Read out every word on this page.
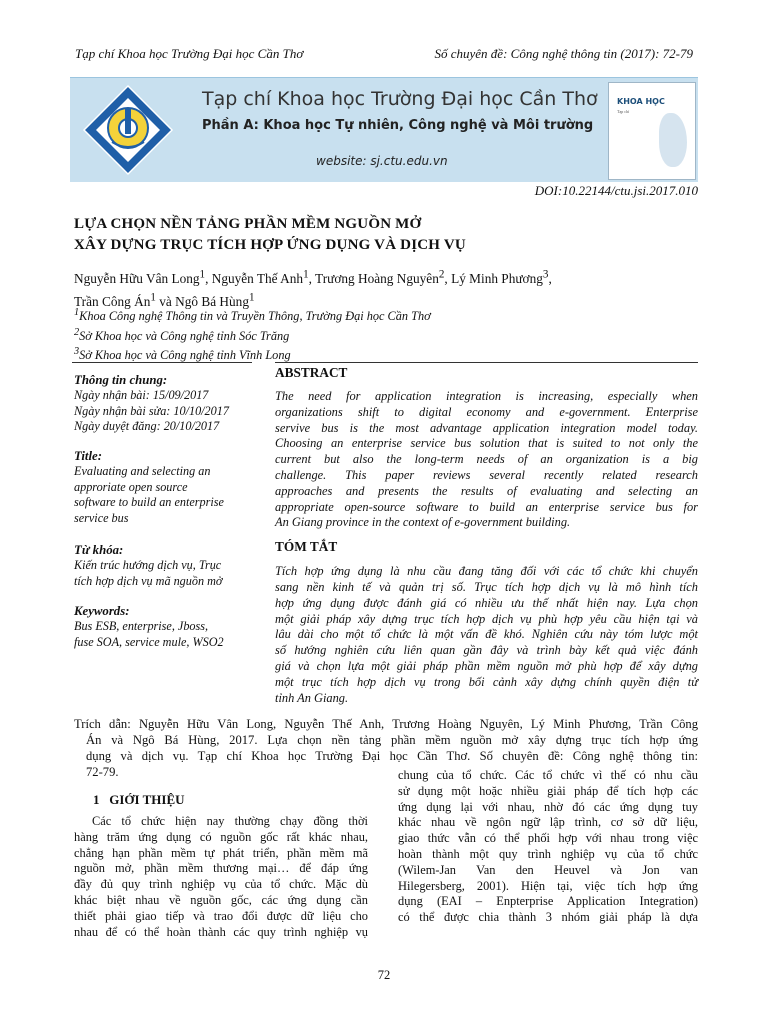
Tạp chí Khoa học Trường Đại học Cần Thơ	Số chuyên đề: Công nghệ thông tin (2017): 72-79
Tạp chí Khoa học Trường Đại học Cần Thơ
Phần A: Khoa học Tự nhiên, Công nghệ và Môi trường
website: sj.ctu.edu.vn
KHOA HỌC
Tạp chí
DOI:10.22144/ctu.jsi.2017.010
LỰA CHỌN NỀN TẢNG PHẦN MỀM NGUỒN MỞ
XÂY DỰNG TRỤC TÍCH HỢP ỨNG DỤNG VÀ DỊCH VỤ
Nguyễn Hữu Vân Long$^1$, Nguyễn Thế Anh$^1$, Trương Hoàng Nguyên$^2$, Lý Minh Phương$^3$,
Trần Công $Án^1$ và Ngô Bá Hùng$^1$
$^1$Khoa Công nghệ Thông tin và Truyền Thông, Trường Đại học Cần Thơ
$^2$Sở Khoa học và Công nghệ tỉnh Sóc Trăng
$^3$Sở Khoa học và Công nghệ tỉnh Vĩnh Long
Thông tin chung:
Ngày nhận bài: 15/09/2017
Ngày nhận bài sửa: 10/10/2017
Ngày duyệt đăng: 20/10/2017
Title:
Evaluating and selecting an
approriate open source
software to build an enterprise
service bus
Từ khóa:
Kiến trúc hướng dịch vụ, Trục
tích hợp dịch vụ mã nguồn mở
Keywords:
Bus ESB, enterprise, Jboss,
fuse SOA, service mule, WSO2
ABSTRACT
The need for application integration is increasing, especially when
organizations shift to digital economy and e-government. Enterprise
servive bus is the most advantage application integration model today.
Choosing an enterprise service bus solution that is suited to not only the
current but also the long-term needs of an organization is a big
challenge. This paper reviews several recently related research
approaches and presents the results of evaluating and selecting an
appropriate open-source software to build an enterprise service bus for
An Giang province in the context of e-government building.
TÓM TẮT
Tích hợp ứng dụng là nhu cầu đang tăng đối với các tổ chức khi chuyển
sang nền kinh tế và quản trị số. Trục tích hợp dịch vụ là mô hình tích
hợp ứng dụng được đánh giá có nhiều ưu thế nhất hiện nay. Lựa chọn
một giải pháp xây dựng trục tích hợp dịch vụ phù hợp yêu cầu hiện tại và
lâu dài cho một tổ chức là một vấn đề khó. Nghiên cứu này tóm lược một
số hướng nghiên cứu liên quan gần đây và trình bày kết quả việc đánh
giá và chọn lựa một giải pháp phần mềm nguồn mở phù hợp để xây dựng
một trục tích hợp dịch vụ trong bối cảnh xây dựng chính quyền điện tử
tỉnh An Giang.
Trích dẫn: Nguyễn Hữu Vân Long, Nguyễn Thế Anh, Trương Hoàng Nguyên, Lý Minh Phương, Trần Công
Án và Ngô Bá Hùng, 2017. Lựa chọn nền tảng phần mềm nguồn mở xây dựng trục tích hợp ứng
dụng và dịch vụ. Tạp chí Khoa học Trường Đại học Cần Thơ. Số chuyên đề: Công nghệ thông tin:
72-79.
1   GIỚI THIỆU
Các tổ chức hiện nay thường chạy đồng thời
hàng trăm ứng dụng có nguồn gốc rất khác nhau,
chẳng hạn phần mềm tự phát triển, phần mềm mã
nguồn mở, phần mềm thương mại… để đáp ứng
đầy đủ quy trình nghiệp vụ của tổ chức. Mặc dù
khác biệt nhau về nguồn gốc, các ứng dụng cần
thiết phải giao tiếp và trao đổi được dữ liệu cho
nhau để có thể hoàn thành các quy trình nghiệp vụ
chung của tổ chức. Các tổ chức vì thế có nhu cầu
sử dụng một hoặc nhiều giải pháp để tích hợp các
ứng dụng lại với nhau, nhờ đó các ứng dụng tuy
khác nhau về ngôn ngữ lập trình, cơ sở dữ liệu,
giao thức vẫn có thể phối hợp với nhau trong việc
hoàn thành một quy trình nghiệp vụ của tổ chức
(Wilem-Jan Van den Heuvel và Jon van
Hilegersberg, 2001). Hiện tại, việc tích hợp ứng
dụng (EAI – Enpterprise Application Integration)
có thể được chia thành 3 nhóm giải pháp là dựa
72
